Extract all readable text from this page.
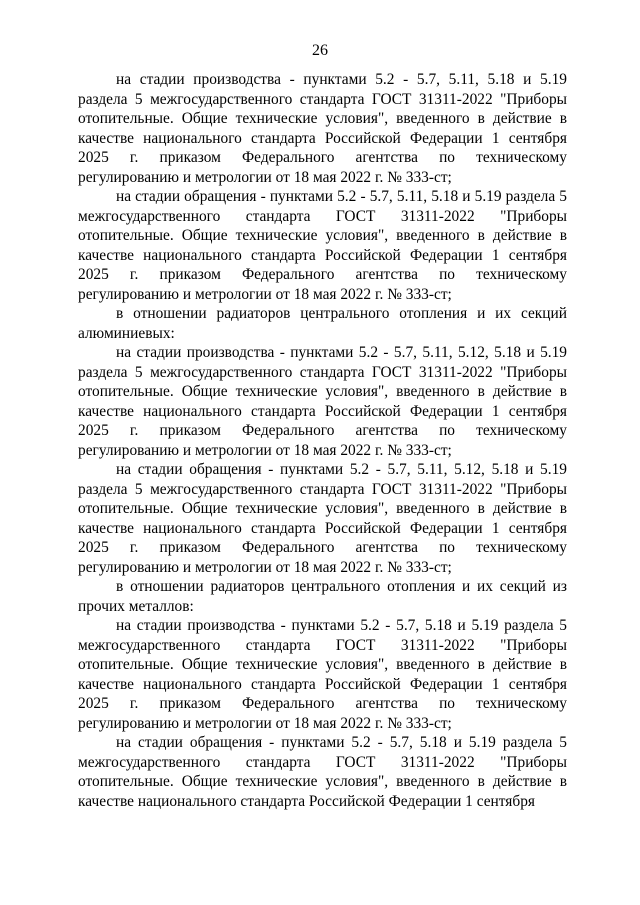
26

на стадии производства - пунктами 5.2 - 5.7, 5.11, 5.18 и 5.19 раздела 5 межгосударственного стандарта ГОСТ 31311-2022 "Приборы отопительные. Общие технические условия", введенного в действие в качестве национального стандарта Российской Федерации 1 сентября 2025 г. приказом Федерального агентства по техническому регулированию и метрологии от 18 мая 2022 г. № 333-ст;

на стадии обращения - пунктами 5.2 - 5.7, 5.11, 5.18 и 5.19 раздела 5 межгосударственного стандарта ГОСТ 31311-2022 "Приборы отопительные. Общие технические условия", введенного в действие в качестве национального стандарта Российской Федерации 1 сентября 2025 г. приказом Федерального агентства по техническому регулированию и метрологии от 18 мая 2022 г. № 333-ст;

в отношении радиаторов центрального отопления и их секций алюминиевых:

на стадии производства - пунктами 5.2 - 5.7, 5.11, 5.12, 5.18 и 5.19 раздела 5 межгосударственного стандарта ГОСТ 31311-2022 "Приборы отопительные. Общие технические условия", введенного в действие в качестве национального стандарта Российской Федерации 1 сентября 2025 г. приказом Федерального агентства по техническому регулированию и метрологии от 18 мая 2022 г. № 333-ст;

на стадии обращения - пунктами 5.2 - 5.7, 5.11, 5.12, 5.18 и 5.19 раздела 5 межгосударственного стандарта ГОСТ 31311-2022 "Приборы отопительные. Общие технические условия", введенного в действие в качестве национального стандарта Российской Федерации 1 сентября 2025 г. приказом Федерального агентства по техническому регулированию и метрологии от 18 мая 2022 г. № 333-ст;

в отношении радиаторов центрального отопления и их секций из прочих металлов:

на стадии производства - пунктами 5.2 - 5.7, 5.18 и 5.19 раздела 5 межгосударственного стандарта ГОСТ 31311-2022 "Приборы отопительные. Общие технические условия", введенного в действие в качестве национального стандарта Российской Федерации 1 сентября 2025 г. приказом Федерального агентства по техническому регулированию и метрологии от 18 мая 2022 г. № 333-ст;

на стадии обращения - пунктами 5.2 - 5.7, 5.18 и 5.19 раздела 5 межгосударственного стандарта ГОСТ 31311-2022 "Приборы отопительные. Общие технические условия", введенного в действие в качестве национального стандарта Российской Федерации 1 сентября
